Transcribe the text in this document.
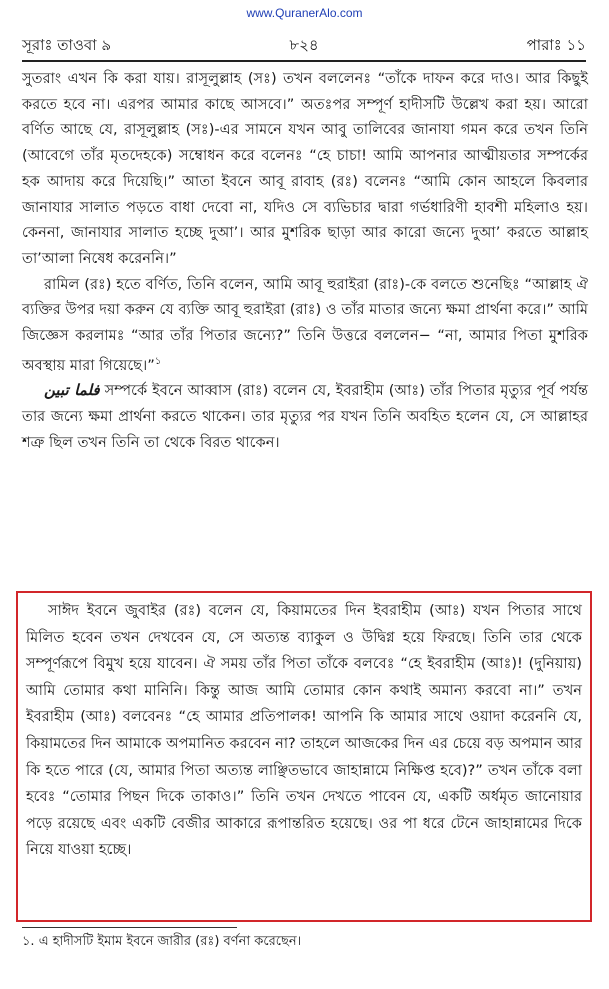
www.QuranerAlo.com
সূরাঃ তাওবা ৯	৮২৪	পারাঃ ১১

সুতরাং এখন কি করা যায়। রাসূলুল্লাহ (সঃ) তখন বললেনঃ “তাঁকে দাফন করে দাও। আর কিছুই করতে হবে না। এরপর আমার কাছে আসবে।” অতঃপর সম্পূর্ণ হাদীসটি উল্লেখ করা হয়। আরো বর্ণিত আছে যে, রাসূলুল্লাহ (সঃ)-এর সামনে যখন আবু তালিবের জানাযা গমন করে তখন তিনি (আবেগে তাঁর মৃতদেহকে) সম্বোধন করে বলেনঃ “হে চাচা! আমি আপনার আত্মীয়তার সম্পর্কের হক আদায় করে দিয়েছি।” আতা ইবনে আবূ রাবাহ (রঃ) বলেনঃ “আমি কোন আহলে কিবলার জানাযার সালাত পড়তে বাধা দেবো না, যদিও সে ব্যভিচার দ্বারা গর্ভধারিণী হাবশী মহিলাও হয়। কেননা, জানাযার সালাত হচ্ছে দুআ’। আর মুশরিক ছাড়া আর কারো জন্যে দুআ’ করতে আল্লাহ তা’আলা নিষেধ করেননি।”

রামিল (রঃ) হতে বর্ণিত, তিনি বলেন, আমি আবূ হুরাইরা (রাঃ)-কে বলতে শুনেছিঃ “আল্লাহ ঐ ব্যক্তির উপর দয়া করুন যে ব্যক্তি আবূ হুরাইরা (রাঃ) ও তাঁর মাতার জন্যে ক্ষমা প্রার্থনা করে।” আমি জিজ্ঞেস করলামঃ “আর তাঁর পিতার জন্যে?” তিনি উত্তরে বললেন− “না, আমার পিতা মুশরিক অবস্থায় মারা গিয়েছে।”$^১$

فلما تبين সম্পর্কে ইবনে আব্বাস (রাঃ) বলেন যে, ইবরাহীম (আঃ) তাঁর পিতার মৃত্যুর পূর্ব পর্যন্ত তার জন্যে ক্ষমা প্রার্থনা করতে থাকেন। তার মৃত্যুর পর যখন তিনি অবহিত হলেন যে, সে আল্লাহর শত্রু ছিল তখন তিনি তা থেকে বিরত থাকেন।

সাঈদ ইবনে জুবাইর (রঃ) বলেন যে, কিয়ামতের দিন ইবরাহীম (আঃ) যখন পিতার সাথে মিলিত হবেন তখন দেখবেন যে, সে অত্যন্ত ব্যাকুল ও উদ্বিগ্ন হয়ে ফিরছে। তিনি তার থেকে সম্পূর্ণরূপে বিমুখ হয়ে যাবেন। ঐ সময় তাঁর পিতা তাঁকে বলবেঃ “হে ইবরাহীম (আঃ)! (দুনিয়ায়) আমি তোমার কথা মানিনি। কিন্তু আজ আমি তোমার কোন কথাই অমান্য করবো না।” তখন ইবরাহীম (আঃ) বলবেনঃ “হে আমার প্রতিপালক! আপনি কি আমার সাথে ওয়াদা করেননি যে, কিয়ামতের দিন আমাকে অপমানিত করবেন না? তাহলে আজকের দিন এর চেয়ে বড় অপমান আর কি হতে পারে (যে, আমার পিতা অত্যন্ত লাঞ্ছিতভাবে জাহান্নামে নিক্ষিপ্ত হবে)?” তখন তাঁকে বলা হবেঃ “তোমার পিছন দিকে তাকাও।” তিনি তখন দেখতে পাবেন যে, একটি অর্ধমৃত জানোয়ার পড়ে রয়েছে এবং একটি বেজীর আকারে রূপান্তরিত হয়েছে। ওর পা ধরে টেনে জাহান্নামের দিকে নিয়ে যাওয়া হচ্ছে।

১. এ হাদীসটি ইমাম ইবনে জারীর (রঃ) বর্ণনা করেছেন।
